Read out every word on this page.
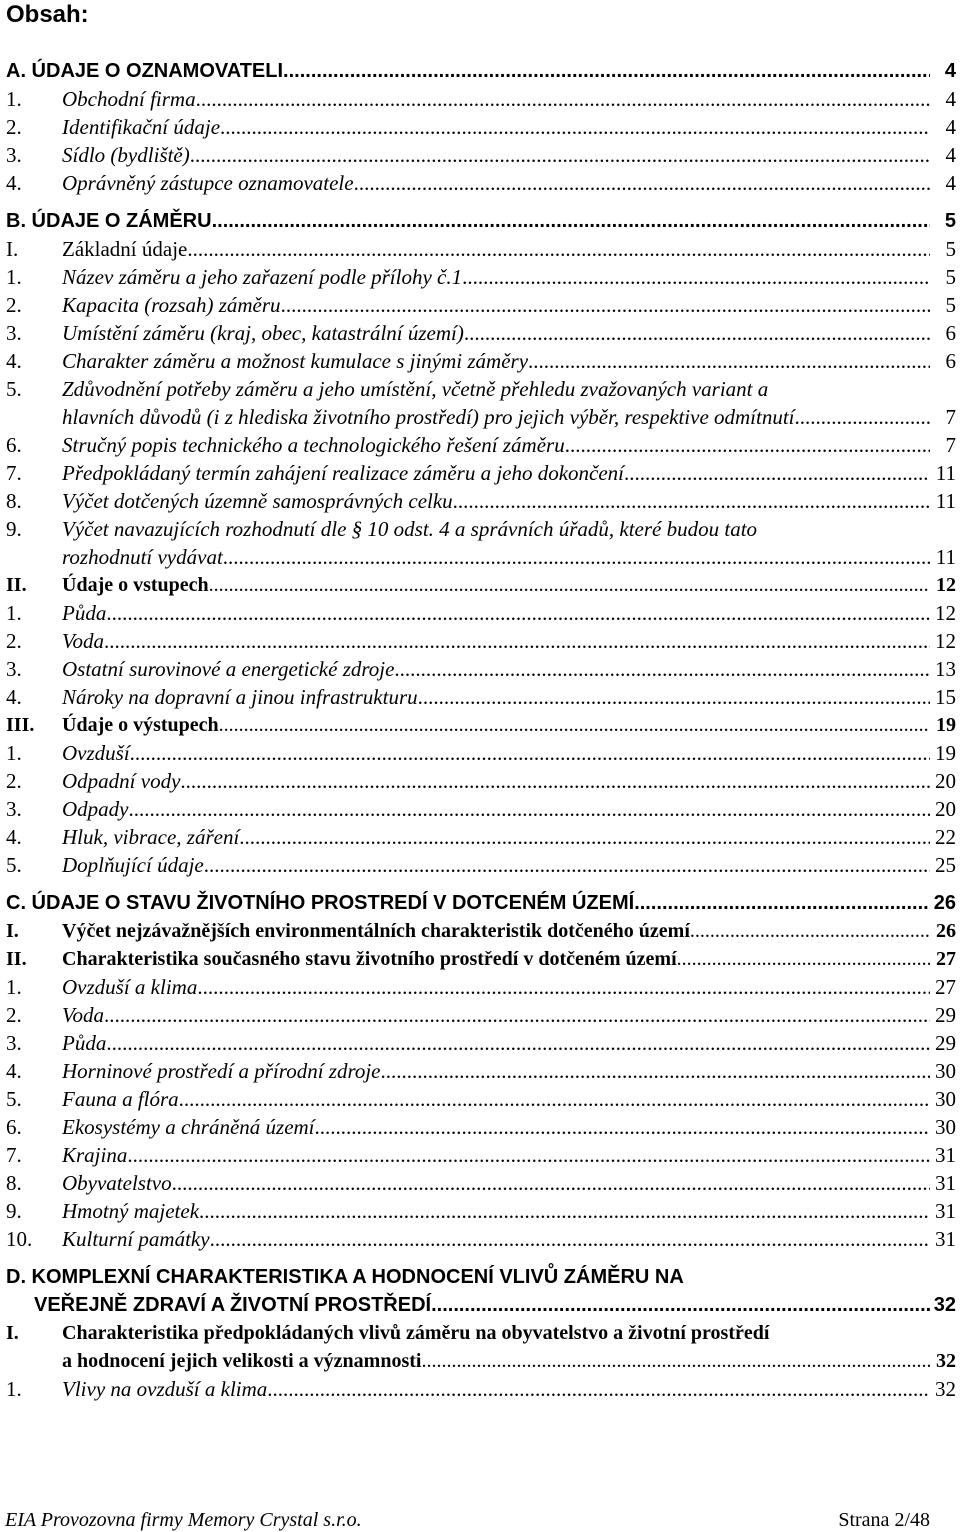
Obsah:
A. ÚDAJE O OZNAMOVATELI .....	4
1. Obchodní firma .....	4
2. Identifikační údaje .....	4
3. Sídlo (bydliště) .....	4
4. Oprávněný zástupce oznamovatele .....	4
B. ÚDAJE O ZÁMĚRU .....	5
I. Základní údaje .....	5
1. Název záměru a jeho zařazení podle přílohy č.1 .....	5
2. Kapacita (rozsah) záměru .....	5
3. Umístění záměru (kraj, obec, katastrální území) .....	6
4. Charakter záměru a možnost kumulace s jinými záměry .....	6
5. Zdůvodnění potřeby záměru a jeho umístění, včetně přehledu zvažovaných variant a
hlavních důvodů (i z hlediska životního prostředí) pro jejich výběr, respektive odmítnutí .....	7
6. Stručný popis technického a technologického řešení záměru .....	7
7. Předpokládaný termín zahájení realizace záměru a jeho dokončení .....	11
8. Výčet dotčených územně samosprávných celku .....	11
9. Výčet navazujících rozhodnutí dle § 10 odst. 4 a správních úřadů, které budou tato
rozhodnutí vydávat .....	11
II. Údaje o vstupech .....	12
1. Půda .....	12
2. Voda .....	12
3. Ostatní surovinové a energetické zdroje .....	13
4. Nároky na dopravní a jinou infrastrukturu .....	15
III. Údaje o výstupech .....	19
1. Ovzduší .....	19
2. Odpadní vody .....	20
3. Odpady .....	20
4. Hluk, vibrace, záření .....	22
5. Doplňující údaje .....	25
C. ÚDAJE O STAVU ŽIVOTNÍHO PROSTREDÍ V DOTCENÉM ÚZEMÍ .....	26
I. Výčet nejzávažnějších environmentálních charakteristik dotčeného území .....	26
II. Charakteristika současného stavu životního prostředí v dotčeném území .....	27
1. Ovzduší a klima .....	27
2. Voda .....	29
3. Půda .....	29
4. Horninové prostředí a přírodní zdroje .....	30
5. Fauna a flóra .....	30
6. Ekosystémy a chráněná území .....	30
7. Krajina .....	31
8. Obyvatelstvo .....	31
9. Hmotný majetek .....	31
10. Kulturní památky .....	31
D. KOMPLEXNÍ CHARAKTERISTIKA A HODNOCENÍ VLIVŮ ZÁMĚRU NA
VEŘEJNĚ ZDRAVÍ A ŽIVOTNÍ PROSTŘEDÍ .....	32
I. Charakteristika předpokládaných vlivů záměru na obyvatelstvo a životní prostředí
a hodnocení jejich velikosti a významnosti .....	32
1. Vlivy na ovzduší a klima .....	32
EIA Provozovna firmy Memory Crystal s.r.o.	Strana 2/48
